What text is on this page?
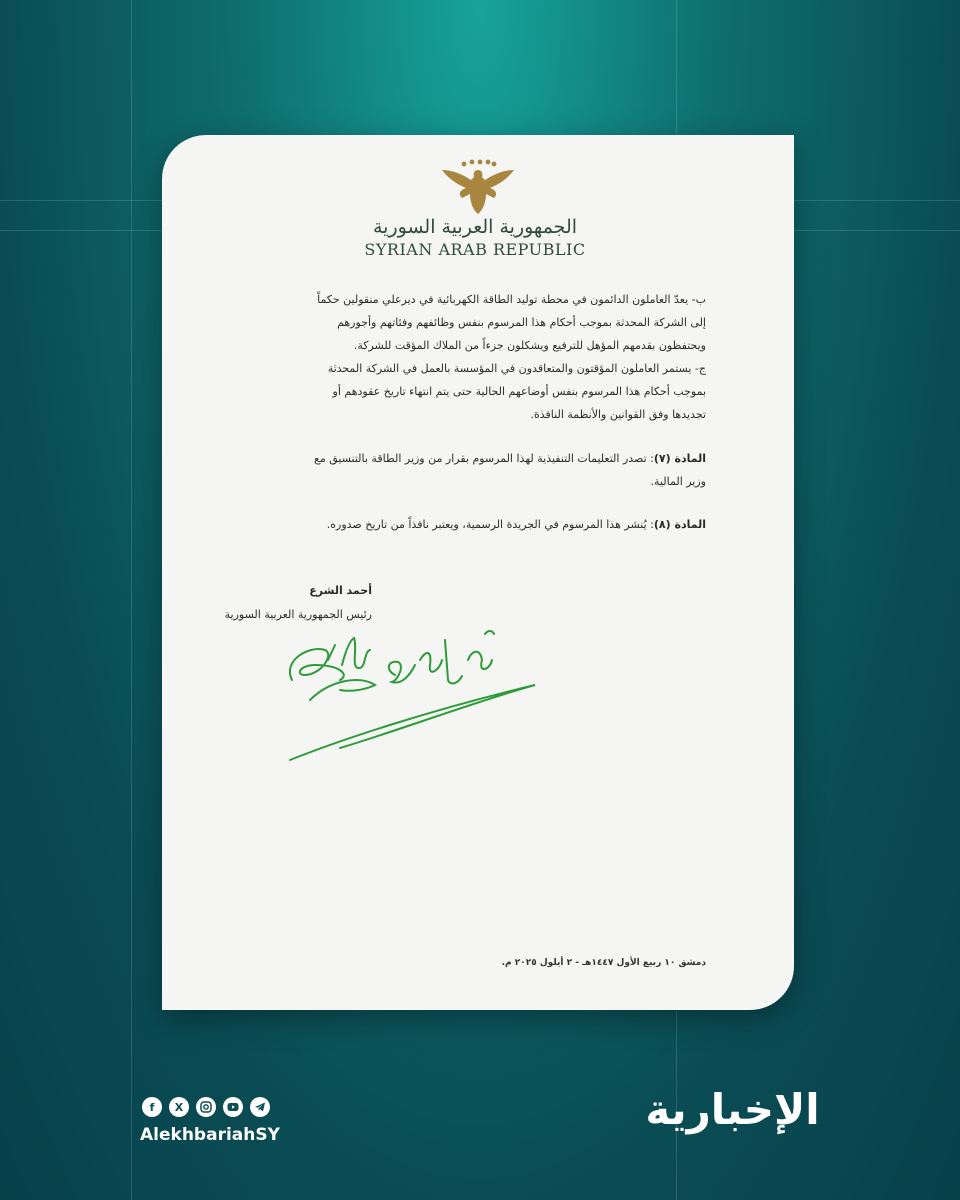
الجمهورية العربية السورية
SYRIAN ARAB REPUBLIC
ب- يعدّ العاملون الدائمون في محطة توليد الطاقة الكهربائية في ديرعلي منقولين حكماً
إلى الشركة المحدثة بموجب أحكام هذا المرسوم بنفس وظائفهم وفئاتهم وأجورهم
ويحتفظون بقدمهم المؤهل للترفيع ويشكلون جزءاً من الملاك المؤقت للشركة.
ج- يستمر العاملون المؤقتون والمتعاقدون في المؤسسة بالعمل في الشركة المحدثة
بموجب أحكام هذا المرسوم بنفس أوضاعهم الحالية حتى يتم انتهاء تاريخ عقودهم أو
تجديدها وفق القوانين والأنظمة النافذة.
المادة (٧): تصدر التعليمات التنفيذية لهذا المرسوم بقرار من وزير الطاقة بالتنسيق مع
وزير المالية.
المادة (٨): يُنشر هذا المرسوم في الجريدة الرسمية، ويعتبر نافذاً من تاريخ صدوره.
أحمد الشرع
رئيس الجمهورية العربية السورية
دمشق ١٠ ربيع الأول ١٤٤٧هـ - ٢ أيلول ٢٠٢٥ م.
f	X
AlekhbariahSY
الإخبارية
